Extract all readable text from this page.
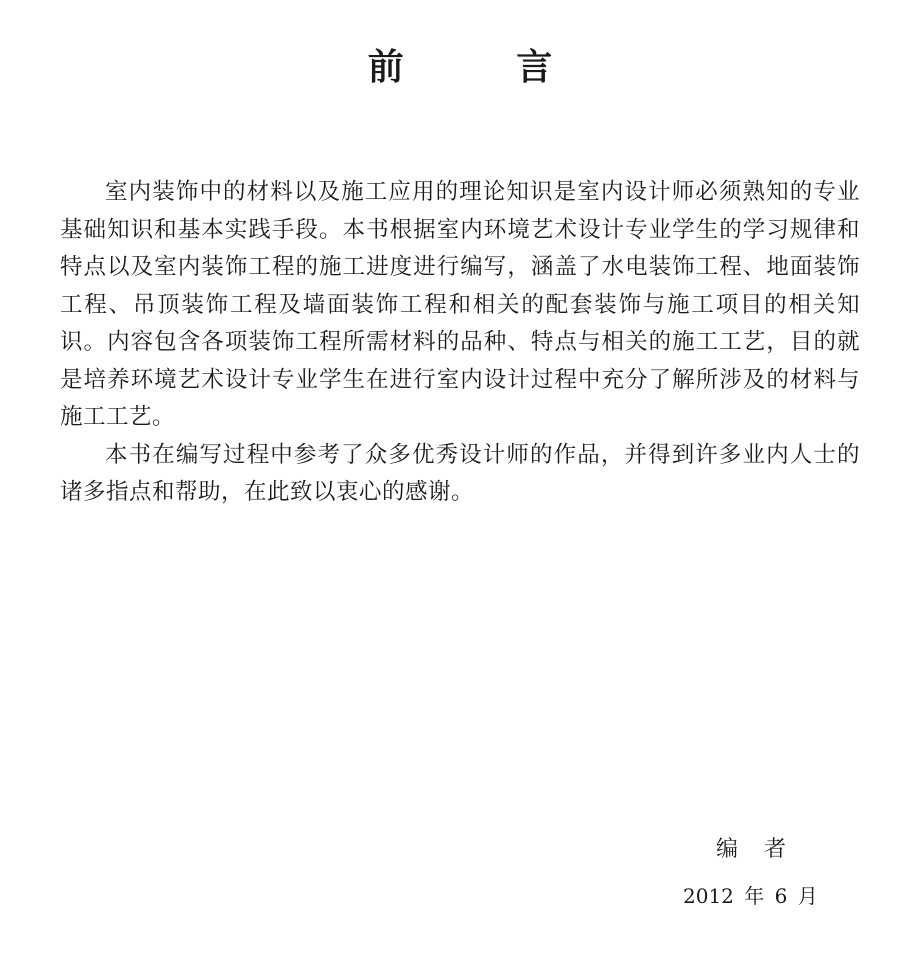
前 言

室内装饰中的材料以及施工应用的理论知识是室内设计师必须熟知的专业基础知识和基本实践手段。本书根据室内环境艺术设计专业学生的学习规律和特点以及室内装饰工程的施工进度进行编写，涵盖了水电装饰工程、地面装饰工程、吊顶装饰工程及墙面装饰工程和相关的配套装饰与施工项目的相关知识。内容包含各项装饰工程所需材料的品种、特点与相关的施工工艺，目的就是培养环境艺术设计专业学生在进行室内设计过程中充分了解所涉及的材料与施工工艺。

本书在编写过程中参考了众多优秀设计师的作品，并得到许多业内人士的诸多指点和帮助，在此致以衷心的感谢。

编者
2012 年 6 月
